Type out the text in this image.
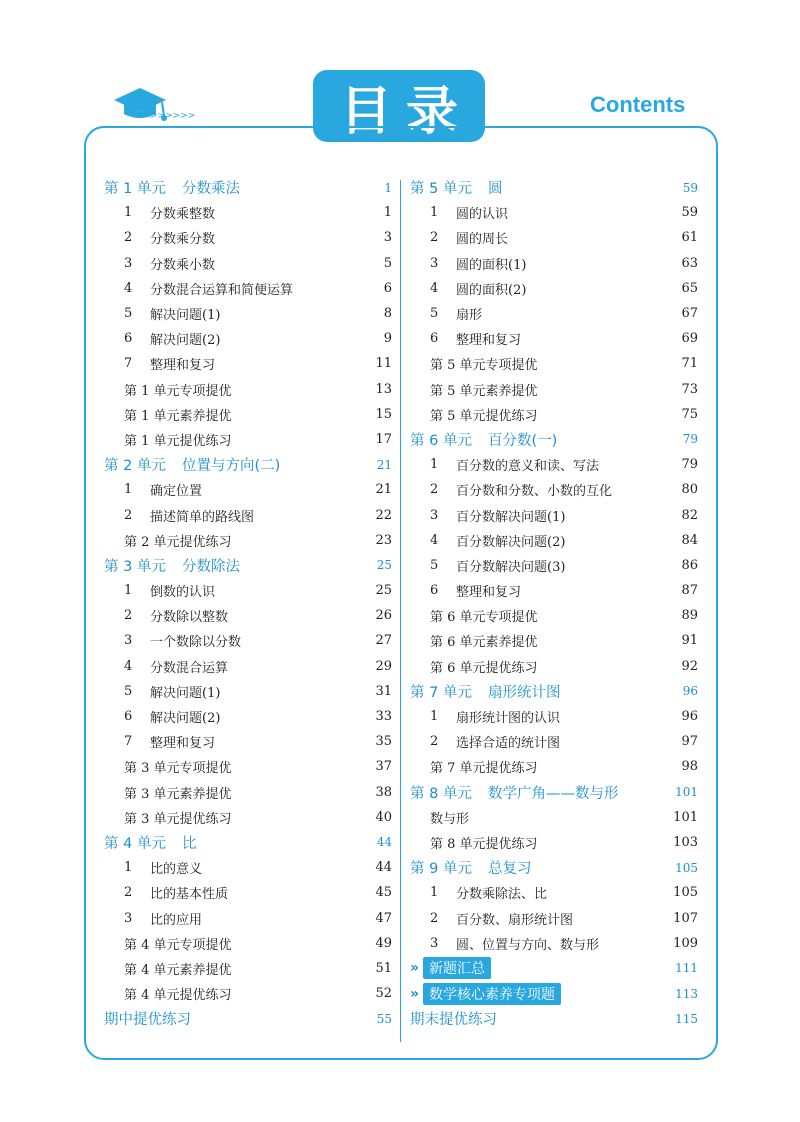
>>>>>>	目录	Contents
第 1 单元 分数乘法	1
1	分数乘整数	1
2	分数乘分数	3
3	分数乘小数	5
4	分数混合运算和简便运算	6
5	解决问题(1)	8
6	解决问题(2)	9
7	整理和复习	11
第 1 单元专项提优	13
第 1 单元素养提优	15
第 1 单元提优练习	17
第 2 单元 位置与方向(二)	21
1	确定位置	21
2	描述简单的路线图	22
第 2 单元提优练习	23
第 3 单元 分数除法	25
1	倒数的认识	25
2	分数除以整数	26
3	一个数除以分数	27
4	分数混合运算	29
5	解决问题(1)	31
6	解决问题(2)	33
7	整理和复习	35
第 3 单元专项提优	37
第 3 单元素养提优	38
第 3 单元提优练习	40
第 4 单元 比	44
1	比的意义	44
2	比的基本性质	45
3	比的应用	47
第 4 单元专项提优	49
第 4 单元素养提优	51
第 4 单元提优练习	52
期中提优练习	55
第 5 单元 圆	59
1	圆的认识	59
2	圆的周长	61
3	圆的面积(1)	63
4	圆的面积(2)	65
5	扇形	67
6	整理和复习	69
第 5 单元专项提优	71
第 5 单元素养提优	73
第 5 单元提优练习	75
第 6 单元 百分数(一)	79
1	百分数的意义和读、写法	79
2	百分数和分数、小数的互化	80
3	百分数解决问题(1)	82
4	百分数解决问题(2)	84
5	百分数解决问题(3)	86
6	整理和复习	87
第 6 单元专项提优	89
第 6 单元素养提优	91
第 6 单元提优练习	92
第 7 单元 扇形统计图	96
1	扇形统计图的认识	96
2	选择合适的统计图	97
第 7 单元提优练习	98
第 8 单元 数学广角——数与形	101
数与形	101
第 8 单元提优练习	103
第 9 单元 总复习	105
1	分数乘除法、比	105
2	百分数、扇形统计图	107
3	圆、位置与方向、数与形	109
» 新题汇总	111
» 数学核心素养专项题	113
期末提优练习	115
